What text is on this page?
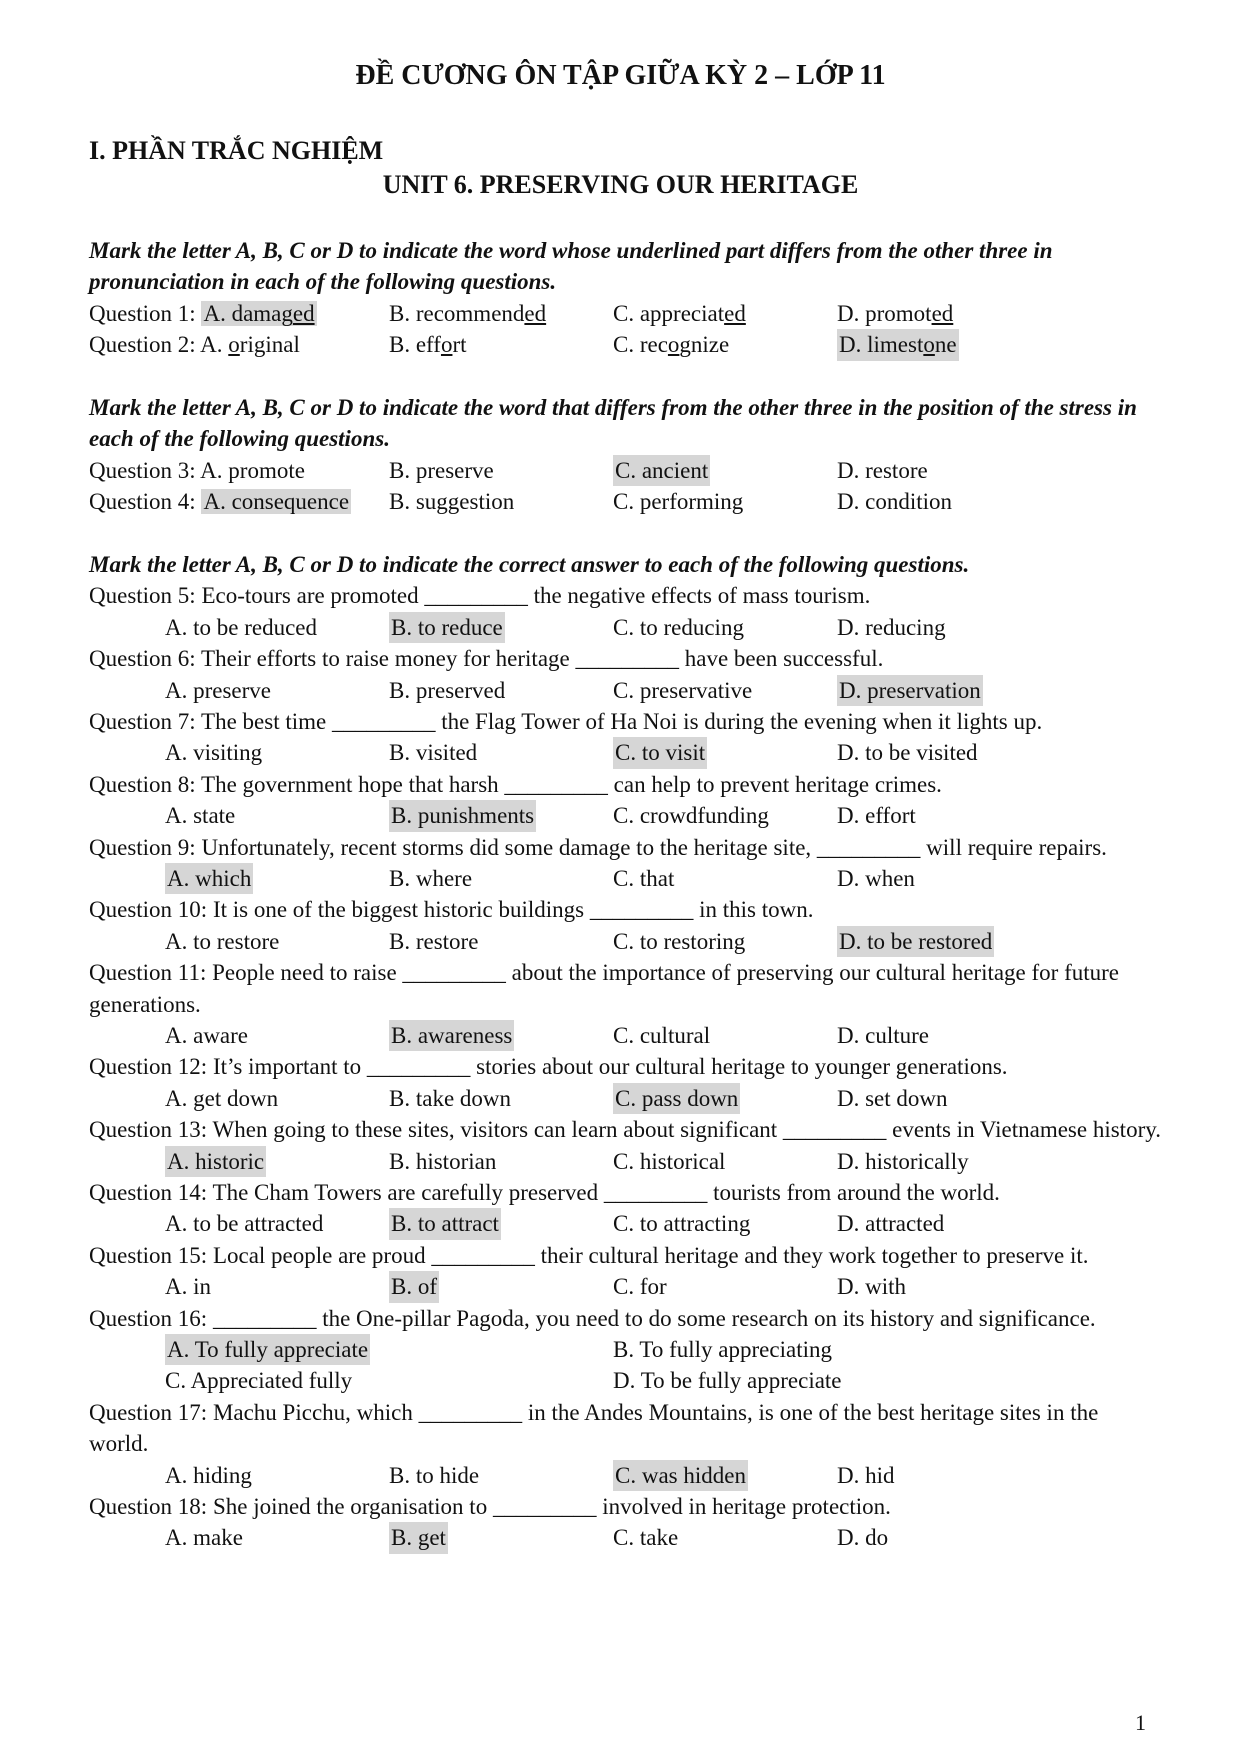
ĐỀ CƯƠNG ÔN TẬP GIỮA KỲ 2 – LỚP 11
I. PHẦN TRẮC NGHIỆM
UNIT 6. PRESERVING OUR HERITAGE
Mark the letter A, B, C or D to indicate the word whose underlined part differs from the other three in pronunciation in each of the following questions.
Question 1: A. damaged	B. recommended	C. appreciated	D. promoted
Question 2: A. original	B. effort	C. recognize	D. limestone
Mark the letter A, B, C or D to indicate the word that differs from the other three in the position of the stress in each of the following questions.
Question 3: A. promote	B. preserve	C. ancient	D. restore
Question 4: A. consequence B. suggestion	C. performing	D. condition
Mark the letter A, B, C or D to indicate the correct answer to each of the following questions.
Question 5: Eco-tours are promoted _________ the negative effects of mass tourism.
A. to be reduced	B. to reduce	C. to reducing	D. reducing
Question 6: Their efforts to raise money for heritage _________ have been successful.
A. preserve	B. preserved	C. preservative	D. preservation
Question 7: The best time _________ the Flag Tower of Ha Noi is during the evening when it lights up.
A. visiting	B. visited	C. to visit	D. to be visited
Question 8: The government hope that harsh _________ can help to prevent heritage crimes.
A. state	B. punishments	C. crowdfunding	D. effort
Question 9: Unfortunately, recent storms did some damage to the heritage site, _________ will require repairs.
A. which	B. where	C. that	D. when
Question 10: It is one of the biggest historic buildings _________ in this town.
A. to restore	B. restore	C. to restoring	D. to be restored
Question 11: People need to raise _________ about the importance of preserving our cultural heritage for future generations.
A. aware	B. awareness	C. cultural	D. culture
Question 12: It’s important to _________ stories about our cultural heritage to younger generations.
A. get down	B. take down	C. pass down	D. set down
Question 13: When going to these sites, visitors can learn about significant _________ events in Vietnamese history.
A. historic	B. historian	C. historical	D. historically
Question 14: The Cham Towers are carefully preserved _________ tourists from around the world.
A. to be attracted	B. to attract	C. to attracting	D. attracted
Question 15: Local people are proud _________ their cultural heritage and they work together to preserve it.
A. in	B. of	C. for	D. with
Question 16: _________ the One-pillar Pagoda, you need to do some research on its history and significance.
A. To fully appreciate	B. To fully appreciating
C. Appreciated fully	D. To be fully appreciate
Question 17: Machu Picchu, which _________ in the Andes Mountains, is one of the best heritage sites in the world.
A. hiding	B. to hide	C. was hidden	D. hid
Question 18: She joined the organisation to _________ involved in heritage protection.
A. make	B. get	C. take	D. do
1
